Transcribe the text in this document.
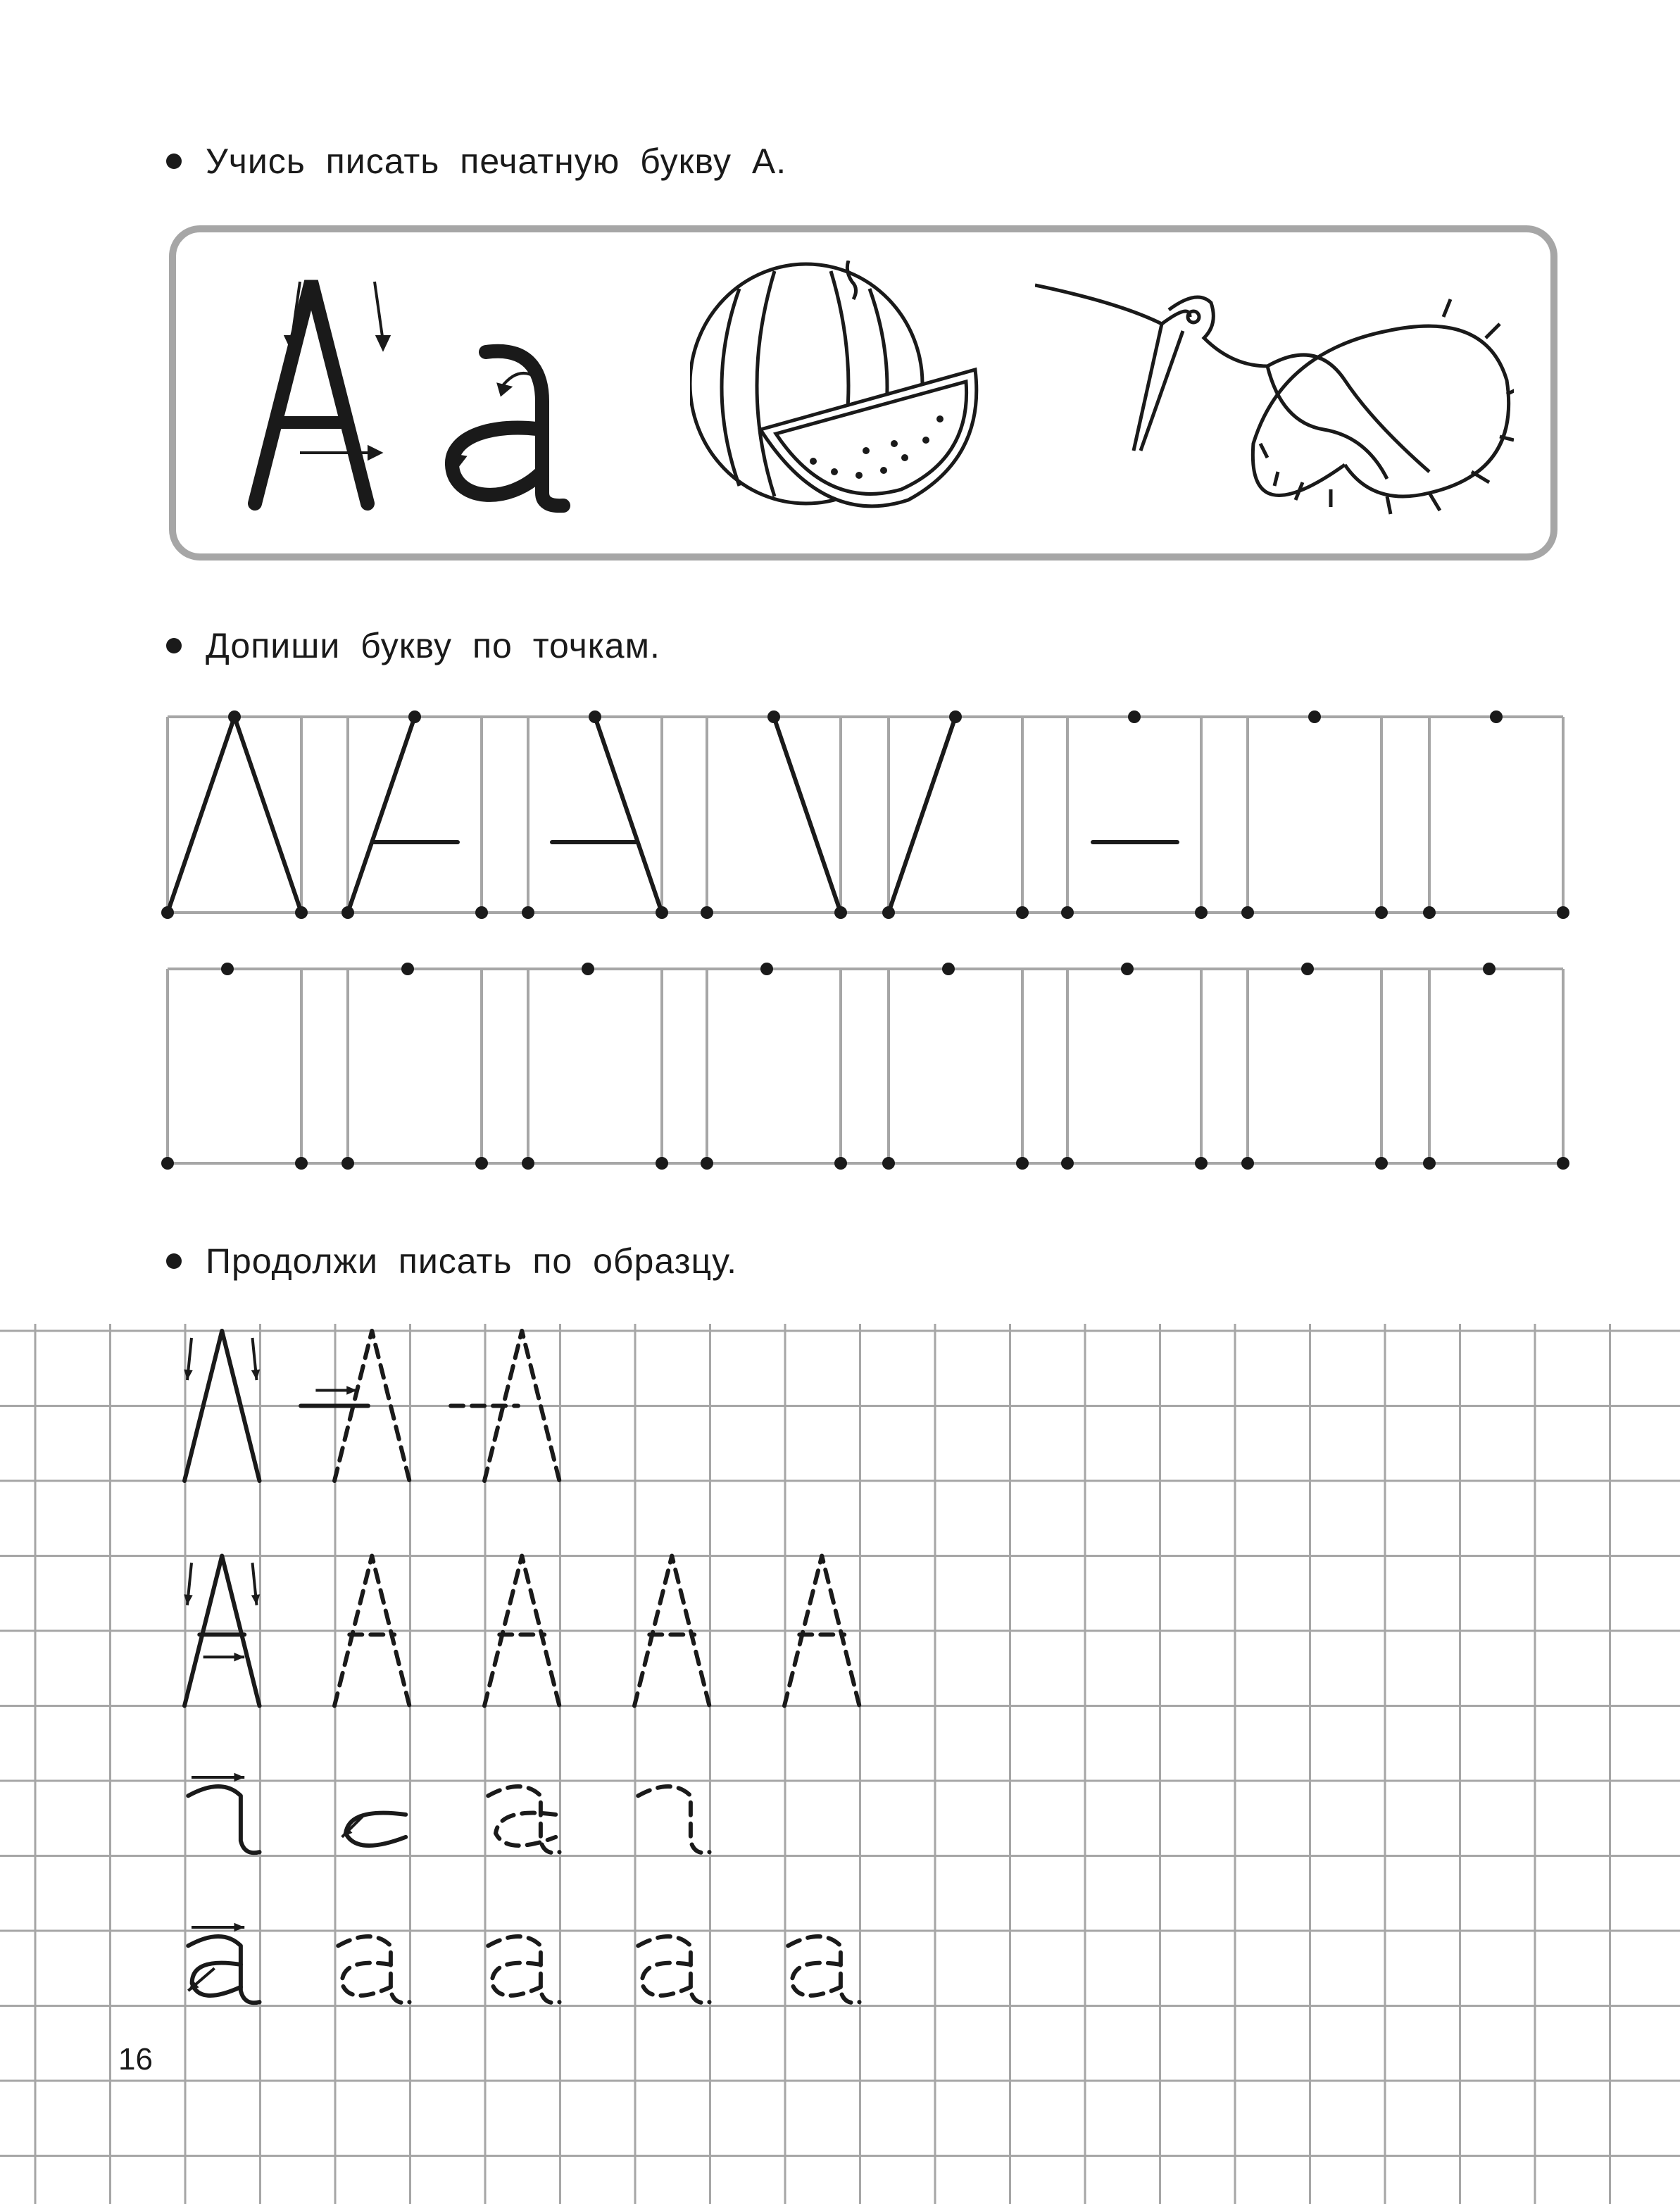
Учись писать печатную букву А.
Допиши букву по точкам.
Продолжи писать по образцу.
16
